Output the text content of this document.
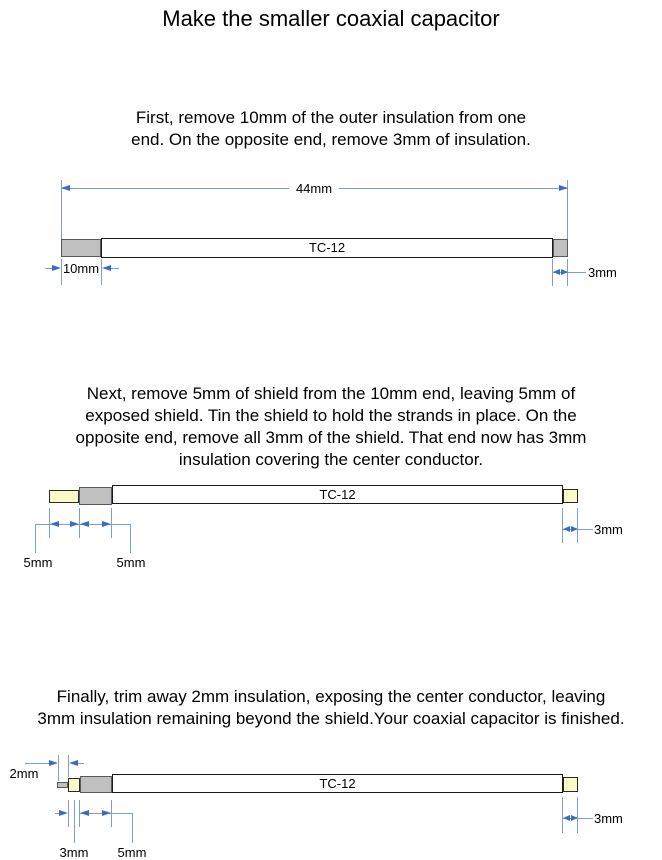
Make the smaller coaxial capacitor
First, remove 10mm of the outer insulation from one
end. On the opposite end, remove 3mm of insulation.
44mm
TC-12
10mm	3mm
Next, remove 5mm of shield from the 10mm end, leaving 5mm of
exposed shield. Tin the shield to hold the strands in place. On the
opposite end, remove all 3mm of the shield. That end now has 3mm
insulation covering the center conductor.
TC-12
5mm	5mm
3mm
Finally, trim away 2mm insulation, exposing the center conductor, leaving
3mm insulation remaining beyond the shield.Your coaxial capacitor is finished.
2mm
TC-12
3mm 5mm
3mm
